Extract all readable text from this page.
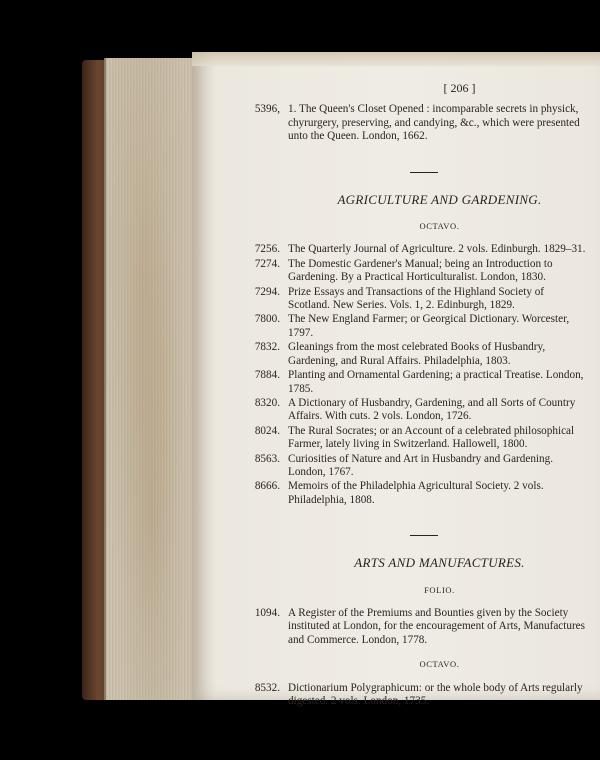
[ 206 ]
5396, 1. The Queen's Closet Opened : incomparable secrets in physick, chyrurgery, preserving, and candying, &c., which were presented unto the Queen. London, 1662.
AGRICULTURE AND GARDENING.
OCTAVO.
7256. The Quarterly Journal of Agriculture. 2 vols. Edinburgh. 1829–31.
7274. The Domestic Gardener's Manual; being an Introduction to Gardening. By a Practical Horticulturalist. London, 1830.
7294. Prize Essays and Transactions of the Highland Society of Scotland. New Series. Vols. 1, 2. Edinburgh, 1829.
7800. The New England Farmer; or Georgical Dictionary. Worcester, 1797.
7832. Gleanings from the most celebrated Books of Husbandry, Gardening, and Rural Affairs. Philadelphia, 1803.
7884. Planting and Ornamental Gardening; a practical Treatise. London, 1785.
8320. A Dictionary of Husbandry, Gardening, and all Sorts of Country Affairs. With cuts. 2 vols. London, 1726.
8024. The Rural Socrates; or an Account of a celebrated philosophical Farmer, lately living in Switzerland. Hallowell, 1800.
8563. Curiosities of Nature and Art in Husbandry and Gardening. London, 1767.
8666. Memoirs of the Philadelphia Agricultural Society. 2 vols. Philadelphia, 1808.
ARTS AND MANUFACTURES.
FOLIO.
1094. A Register of the Premiums and Bounties given by the Society instituted at London, for the encouragement of Arts, Manufactures and Commerce. London, 1778.
OCTAVO.
8532. Dictionarium Polygraphicum: or the whole body of Arts regularly digested. 2 vols. London, 1735.
